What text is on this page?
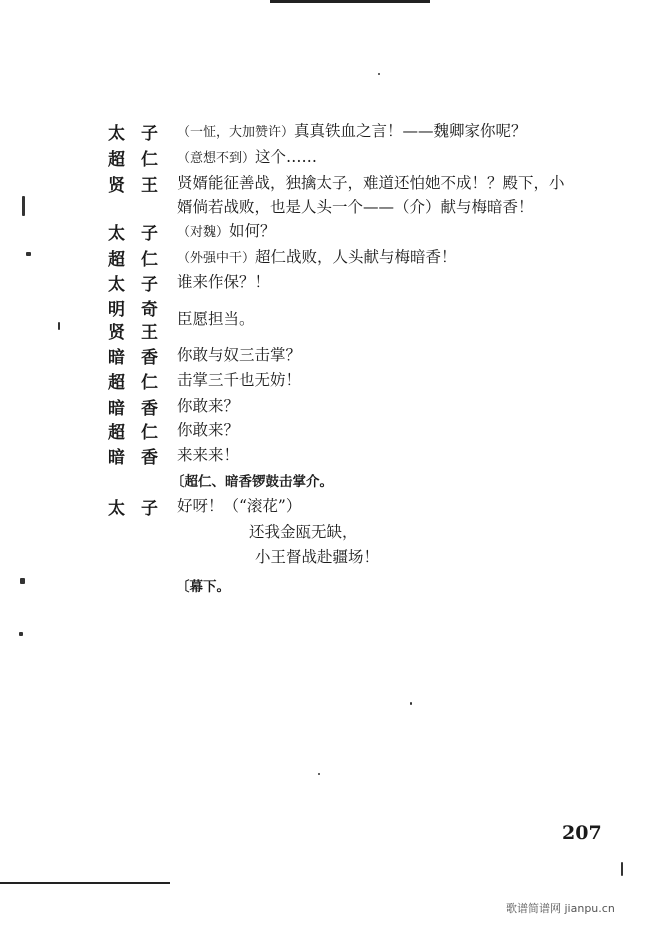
太子 （一怔，大加赞许）真真铁血之言！——魏卿家你呢？
超仁 （意想不到）这个……
贤王 贤婿能征善战，独擒太子，难道还怕她不成！？殿下，小
婿倘若战败，也是人头一个——（介）献与梅暗香！
太子 （对魏）如何？
超仁 （外强中干）超仁战败，人头献与梅暗香！
太子 谁来作保？！
明奇
贤王
臣愿担当。
暗香 你敢与奴三击掌？
超仁 击掌三千也无妨！
暗香 你敢来？
超仁 你敢来？
暗香 来来来！
〔超仁、暗香锣鼓击掌介。
太子 好呀！（“滚花”）
还我金瓯无缺，
小王督战赴疆场！
〔幕下。
207
歌谱简谱网 jianpu.cn
